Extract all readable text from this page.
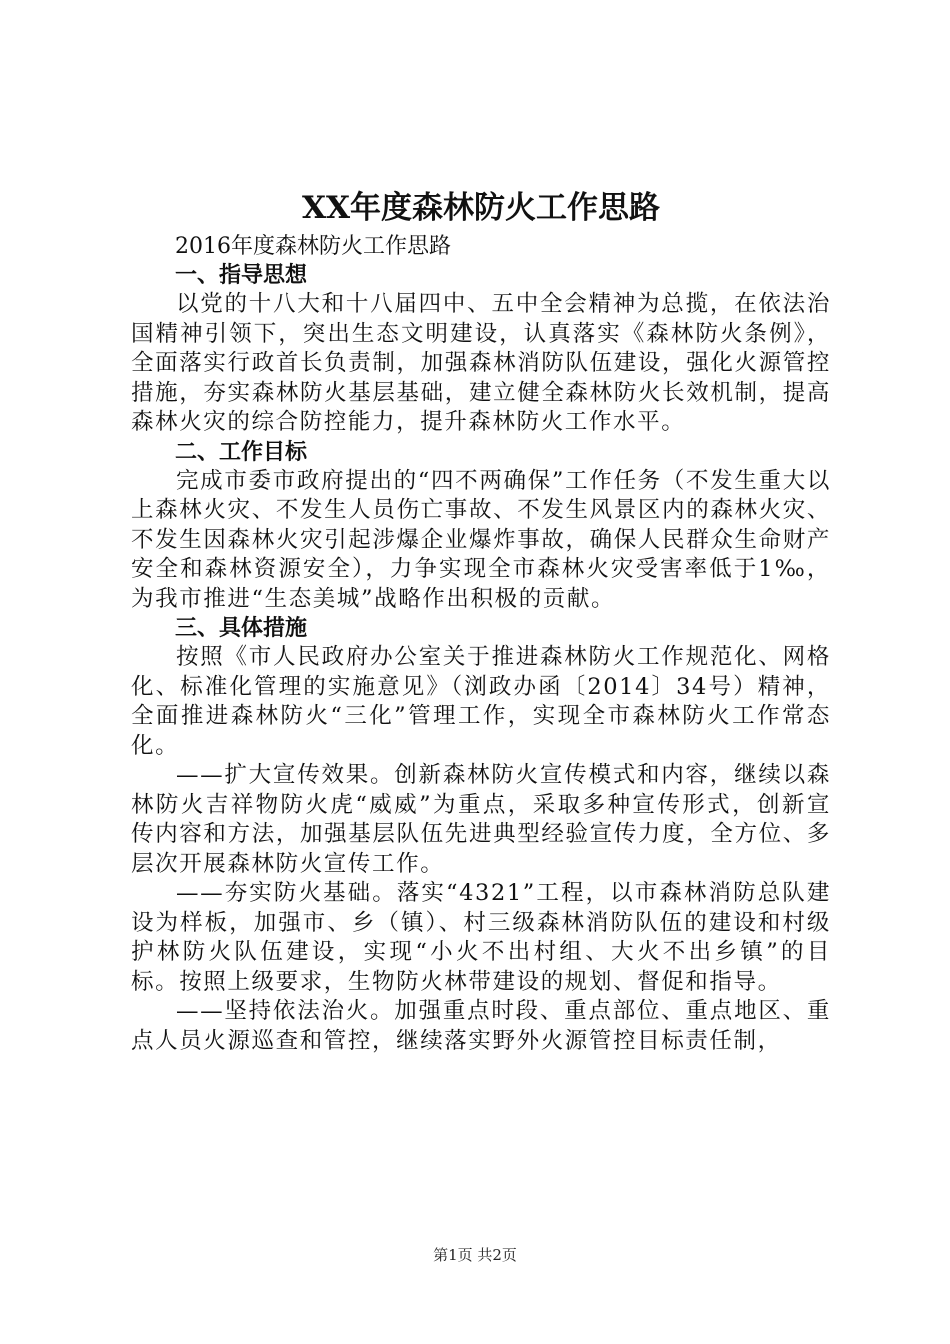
XX年度森林防火工作思路

2016年度森林防火工作思路

一、指导思想

以党的十八大和十八届四中、五中全会精神为总揽，在依法治国精神引领下，突出生态文明建设，认真落实《森林防火条例》，全面落实行政首长负责制，加强森林消防队伍建设，强化火源管控措施，夯实森林防火基层基础，建立健全森林防火长效机制，提高森林火灾的综合防控能力，提升森林防火工作水平。

二、工作目标

完成市委市政府提出的“四不两确保”工作任务（不发生重大以上森林火灾、不发生人员伤亡事故、不发生风景区内的森林火灾、不发生因森林火灾引起涉爆企业爆炸事故，确保人民群众生命财产安全和森林资源安全），力争实现全市森林火灾受害率低于1‰，为我市推进“生态美城”战略作出积极的贡献。

三、具体措施

按照《市人民政府办公室关于推进森林防火工作规范化、网格化、标准化管理的实施意见》（浏政办函〔2014〕34号）精神，全面推进森林防火“三化”管理工作，实现全市森林防火工作常态化。

——扩大宣传效果。创新森林防火宣传模式和内容，继续以森林防火吉祥物防火虎“威威”为重点，采取多种宣传形式，创新宣传内容和方法，加强基层队伍先进典型经验宣传力度，全方位、多层次开展森林防火宣传工作。

——夯实防火基础。落实“4321”工程，以市森林消防总队建设为样板，加强市、乡（镇）、村三级森林消防队伍的建设和村级护林防火队伍建设，实现“小火不出村组、大火不出乡镇”的目标。按照上级要求，生物防火林带建设的规划、督促和指导。

——坚持依法治火。加强重点时段、重点部位、重点地区、重点人员火源巡查和管控，继续落实野外火源管控目标责任制，

第1页 共2页
